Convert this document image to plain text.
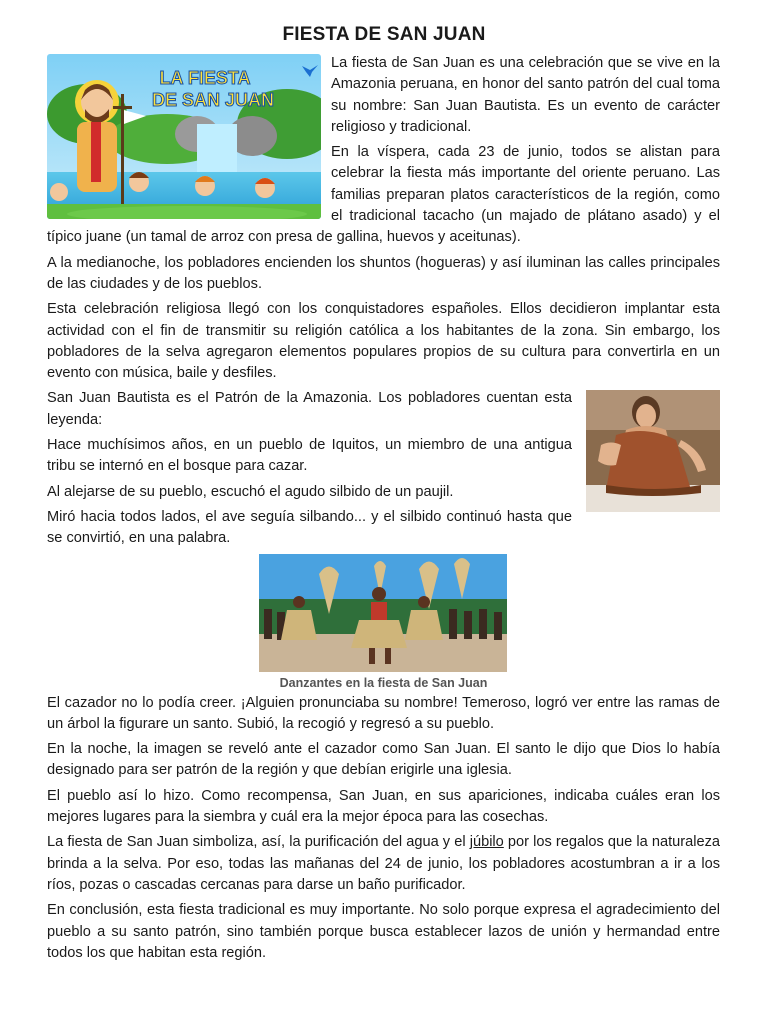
FIESTA DE SAN JUAN
LA FIESTA
DE SAN JUAN

La fiesta de San Juan es una celebración que se vive en la Amazonia peruana, en honor del santo patrón del cual toma su nombre: San Juan Bautista. Es un evento de carácter religioso y tradicional.

En la víspera, cada 23 de junio, todos se alistan para celebrar la fiesta más importante del oriente peruano. Las familias preparan platos característicos de la región, como el tradicional tacacho (un majado de plátano asado) y el típico juane (un tamal de arroz con presa de gallina, huevos y aceitunas).

A la medianoche, los pobladores encienden los shuntos (hogueras) y así iluminan las calles principales de las ciudades y de los pueblos.

Esta celebración religiosa llegó con los conquistadores españoles. Ellos decidieron implantar esta actividad con el fin de transmitir su religión católica a los habitantes de la zona. Sin embargo, los pobladores de la selva agregaron elementos populares propios de su cultura para convertirla en un evento con música, baile y desfiles.

San Juan Bautista es el Patrón de la Amazonia. Los pobladores cuentan esta leyenda:

Hace muchísimos años, en un pueblo de Iquitos, un miembro de una antigua tribu se internó en el bosque para cazar.

Al alejarse de su pueblo, escuchó el agudo silbido de un paujil.

Miró hacia todos lados, el ave seguía silbando... y el silbido continuó hasta que se convirtió, en una palabra.

Danzantes en la fiesta de San Juan

El cazador no lo podía creer. ¡Alguien pronunciaba su nombre! Temeroso, logró ver entre las ramas de un árbol la figurare un santo. Subió, la recogió y regresó a su pueblo.

En la noche, la imagen se reveló ante el cazador como San Juan. El santo le dijo que Dios lo había designado para ser patrón de la región y que debían erigirle una iglesia.

El pueblo así lo hizo. Como recompensa, San Juan, en sus apariciones, indicaba cuáles eran los mejores lugares para la siembra y cuál era la mejor época para las cosechas.

La fiesta de San Juan simboliza, así, la purificación del agua y el júbilo por los regalos que la naturaleza brinda a la selva. Por eso, todas las mañanas del 24 de junio, los pobladores acostumbran a ir a los ríos, pozas o cascadas cercanas para darse un baño purificador.

En conclusión, esta fiesta tradicional es muy importante. No solo porque expresa el agradecimiento del pueblo a su santo patrón, sino también porque busca establecer lazos de unión y hermandad entre todos los que habitan esta región.
